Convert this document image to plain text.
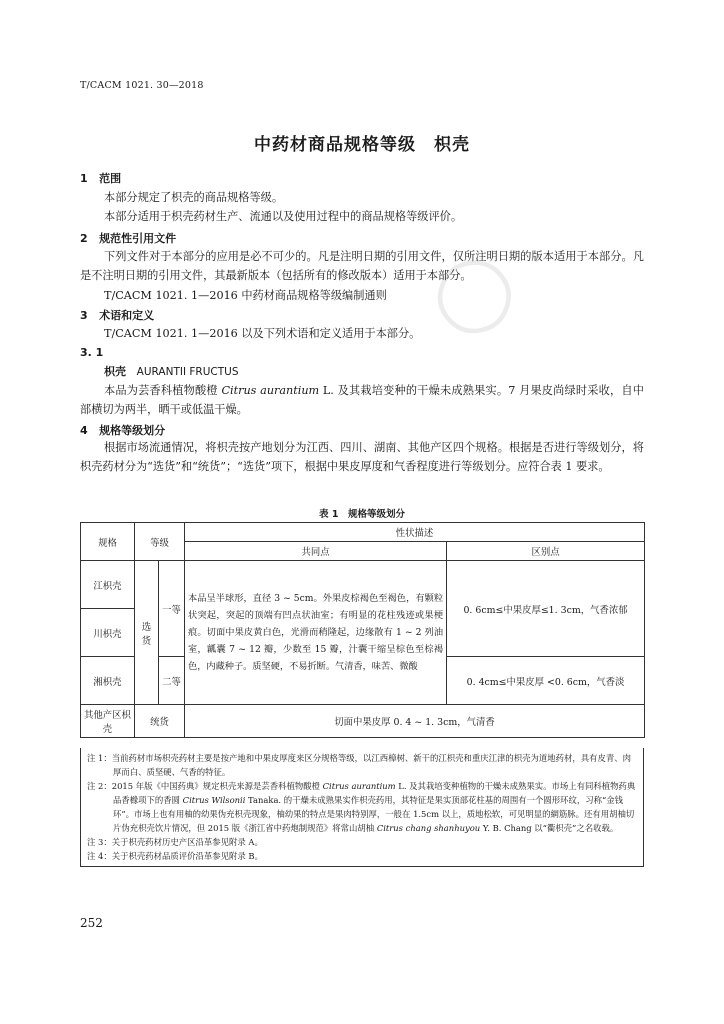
◯
T/CACM 1021. 30—2018
中药材商品规格等级　枳壳
1 范围
本部分规定了枳壳的商品规格等级。
本部分适用于枳壳药材生产、流通以及使用过程中的商品规格等级评价。
2 规范性引用文件
下列文件对于本部分的应用是必不可少的。凡是注明日期的引用文件，仅所注明日期的版本适用于本部分。凡是不注明日期的引用文件，其最新版本（包括所有的修改版本）适用于本部分。
T/CACM 1021. 1—2016 中药材商品规格等级编制通则
3 术语和定义
T/CACM 1021. 1—2016 以及下列术语和定义适用于本部分。
3. 1
枳壳 AURANTII FRUCTUS
本品为芸香科植物酸橙 Citrus aurantium L. 及其栽培变种的干燥未成熟果实。7 月果皮尚绿时采收，自中部横切为两半，晒干或低温干燥。
4 规格等级划分
根据市场流通情况，将枳壳按产地划分为江西、四川、湖南、其他产区四个规格。根据是否进行等级划分，将枳壳药材分为“选货”和“统货”；“选货”项下，根据中果皮厚度和气香程度进行等级划分。应符合表 1 要求。
表 1　规格等级划分
规格	等级		性状描述	
			共同点	区别点
江枳壳	选货	一等	本品呈半球形，直径 3 ~ 5cm。外果皮棕褐色至褐色，有颗粒状突起，突起的顶端有凹点状油室；有明显的花柱残迹或果梗痕。切面中果皮黄白色，光滑而稍隆起，边缘散有 1 ~ 2 列油室，瓤囊 7 ~ 12 瓣，少数至 15 瓣，汁囊干缩呈棕色至棕褐色，内藏种子。质坚硬，不易折断。气清香，味苦、微酸	0. 6cm≤中果皮厚≤1. 3cm，气香浓郁
川枳壳				
湘枳壳		二等		0. 4cm≤中果皮厚 <0. 6cm，气香淡
其他产区枳壳	统货		切面中果皮厚 0. 4 ~ 1. 3cm，气清香	

注 1：当前药材市场枳壳药材主要是按产地和中果皮厚度来区分规格等级，以江西樟树、新干的江枳壳和重庆江津的枳壳为道地药材，具有皮青、肉厚而白、质坚硬、气香的特征。

注 2：2015 年版《中国药典》规定枳壳来源是芸香科植物酸橙 Citrus aurantium L. 及其栽培变种植物的干燥未成熟果实。市场上有同科植物药典品香橼项下的香圆 Citrus Wilsonii Tanaka. 的干燥未成熟果实作枳壳药用，其特征是果实顶部花柱基的周围有一个圆形环纹，习称“金钱环”。市场上也有用柚的幼果伪充枳壳现象，柚幼果的特点是果肉特别厚，一般在 1.5cm 以上，质地松软，可见明显的網筋脉。还有用胡柚切片伪充枳壳饮片情况，但 2015 版《浙江省中药炮制规范》将常山胡柚 Citrus chang shanhuyou Y. B. Chang 以“衢枳壳”之名收载。

注 3：关于枳壳药材历史产区沿革参见附录 A。

注 4：关于枳壳药材品质评价沿革参见附录 B。

252
